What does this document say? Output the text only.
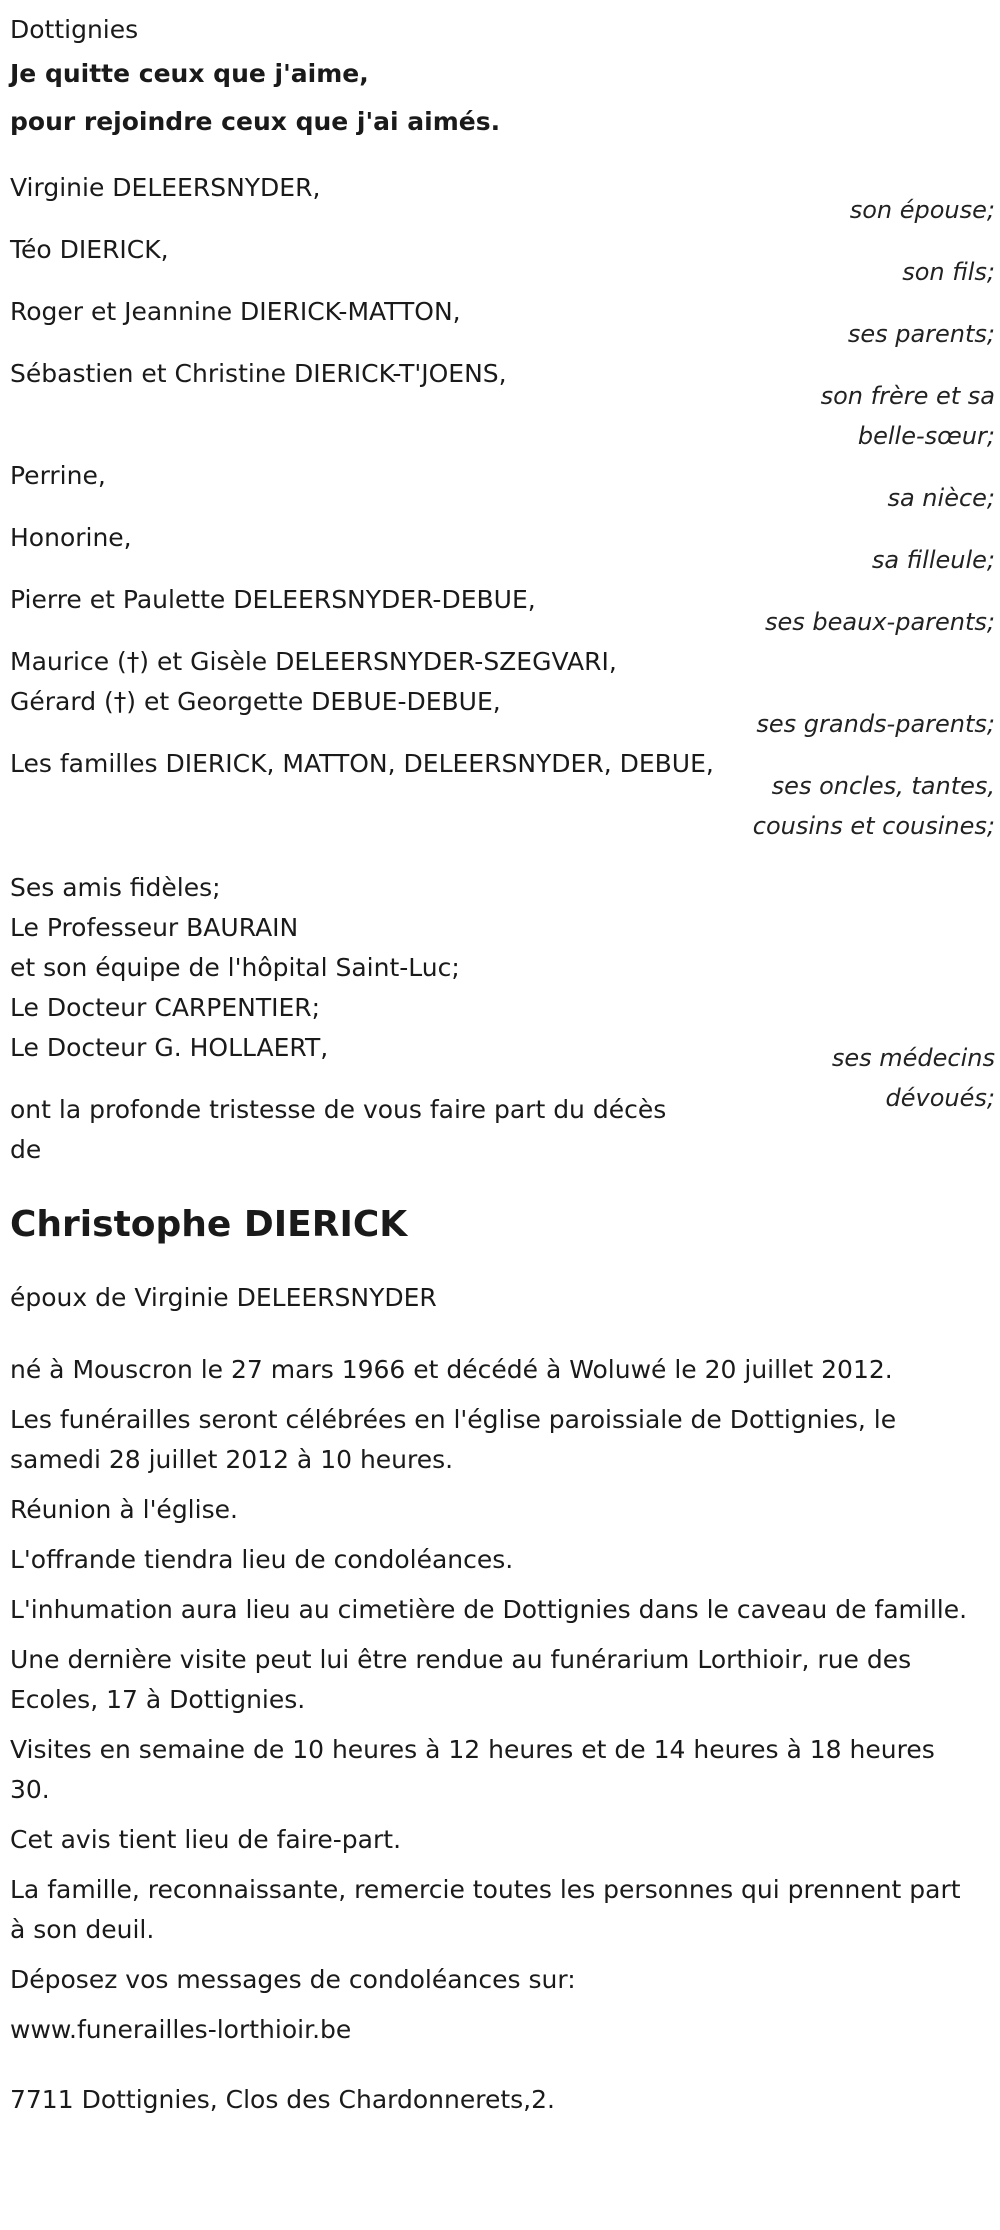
Dottignies
Je quitte ceux que j'aime,
pour rejoindre ceux que j'ai aimés.
Virginie DELEERSNYDER,
son épouse;
Téo DIERICK,
son fils;
Roger et Jeannine DIERICK-MATTON,
ses parents;
Sébastien et Christine DIERICK-T'JOENS,
son frère et sa
belle-sœur;
Perrine,
sa nièce;
Honorine,
sa filleule;
Pierre et Paulette DELEERSNYDER-DEBUE,
ses beaux-parents;
Maurice (†) et Gisèle DELEERSNYDER-SZEGVARI,
Gérard (†) et Georgette DEBUE-DEBUE,
ses grands-parents;
Les familles DIERICK, MATTON, DELEERSNYDER, DEBUE,
ses oncles, tantes,
cousins et cousines;
Ses amis fidèles;
Le Professeur BAURAIN
et son équipe de l'hôpital Saint-Luc;
Le Docteur CARPENTIER;
Le Docteur G. HOLLAERT,	ses médecins
dévoués;
ont la profonde tristesse de vous faire part du décès
de
Christophe DIERICK
époux de Virginie DELEERSNYDER
né à Mouscron le 27 mars 1966 et décédé à Woluwé le 20 juillet 2012.
Les funérailles seront célébrées en l'église paroissiale de Dottignies, le samedi 28 juillet 2012 à 10 heures.
Réunion à l'église.
L'offrande tiendra lieu de condoléances.
L'inhumation aura lieu au cimetière de Dottignies dans le caveau de famille.
Une dernière visite peut lui être rendue au funérarium Lorthioir, rue des Ecoles, 17 à Dottignies.
Visites en semaine de 10 heures à 12 heures et de 14 heures à 18 heures 30.
Cet avis tient lieu de faire-part.
La famille, reconnaissante, remercie toutes les personnes qui prennent part à son deuil.
Déposez vos messages de condoléances sur:
www.funerailles-lorthioir.be
7711 Dottignies, Clos des Chardonnerets,2.
